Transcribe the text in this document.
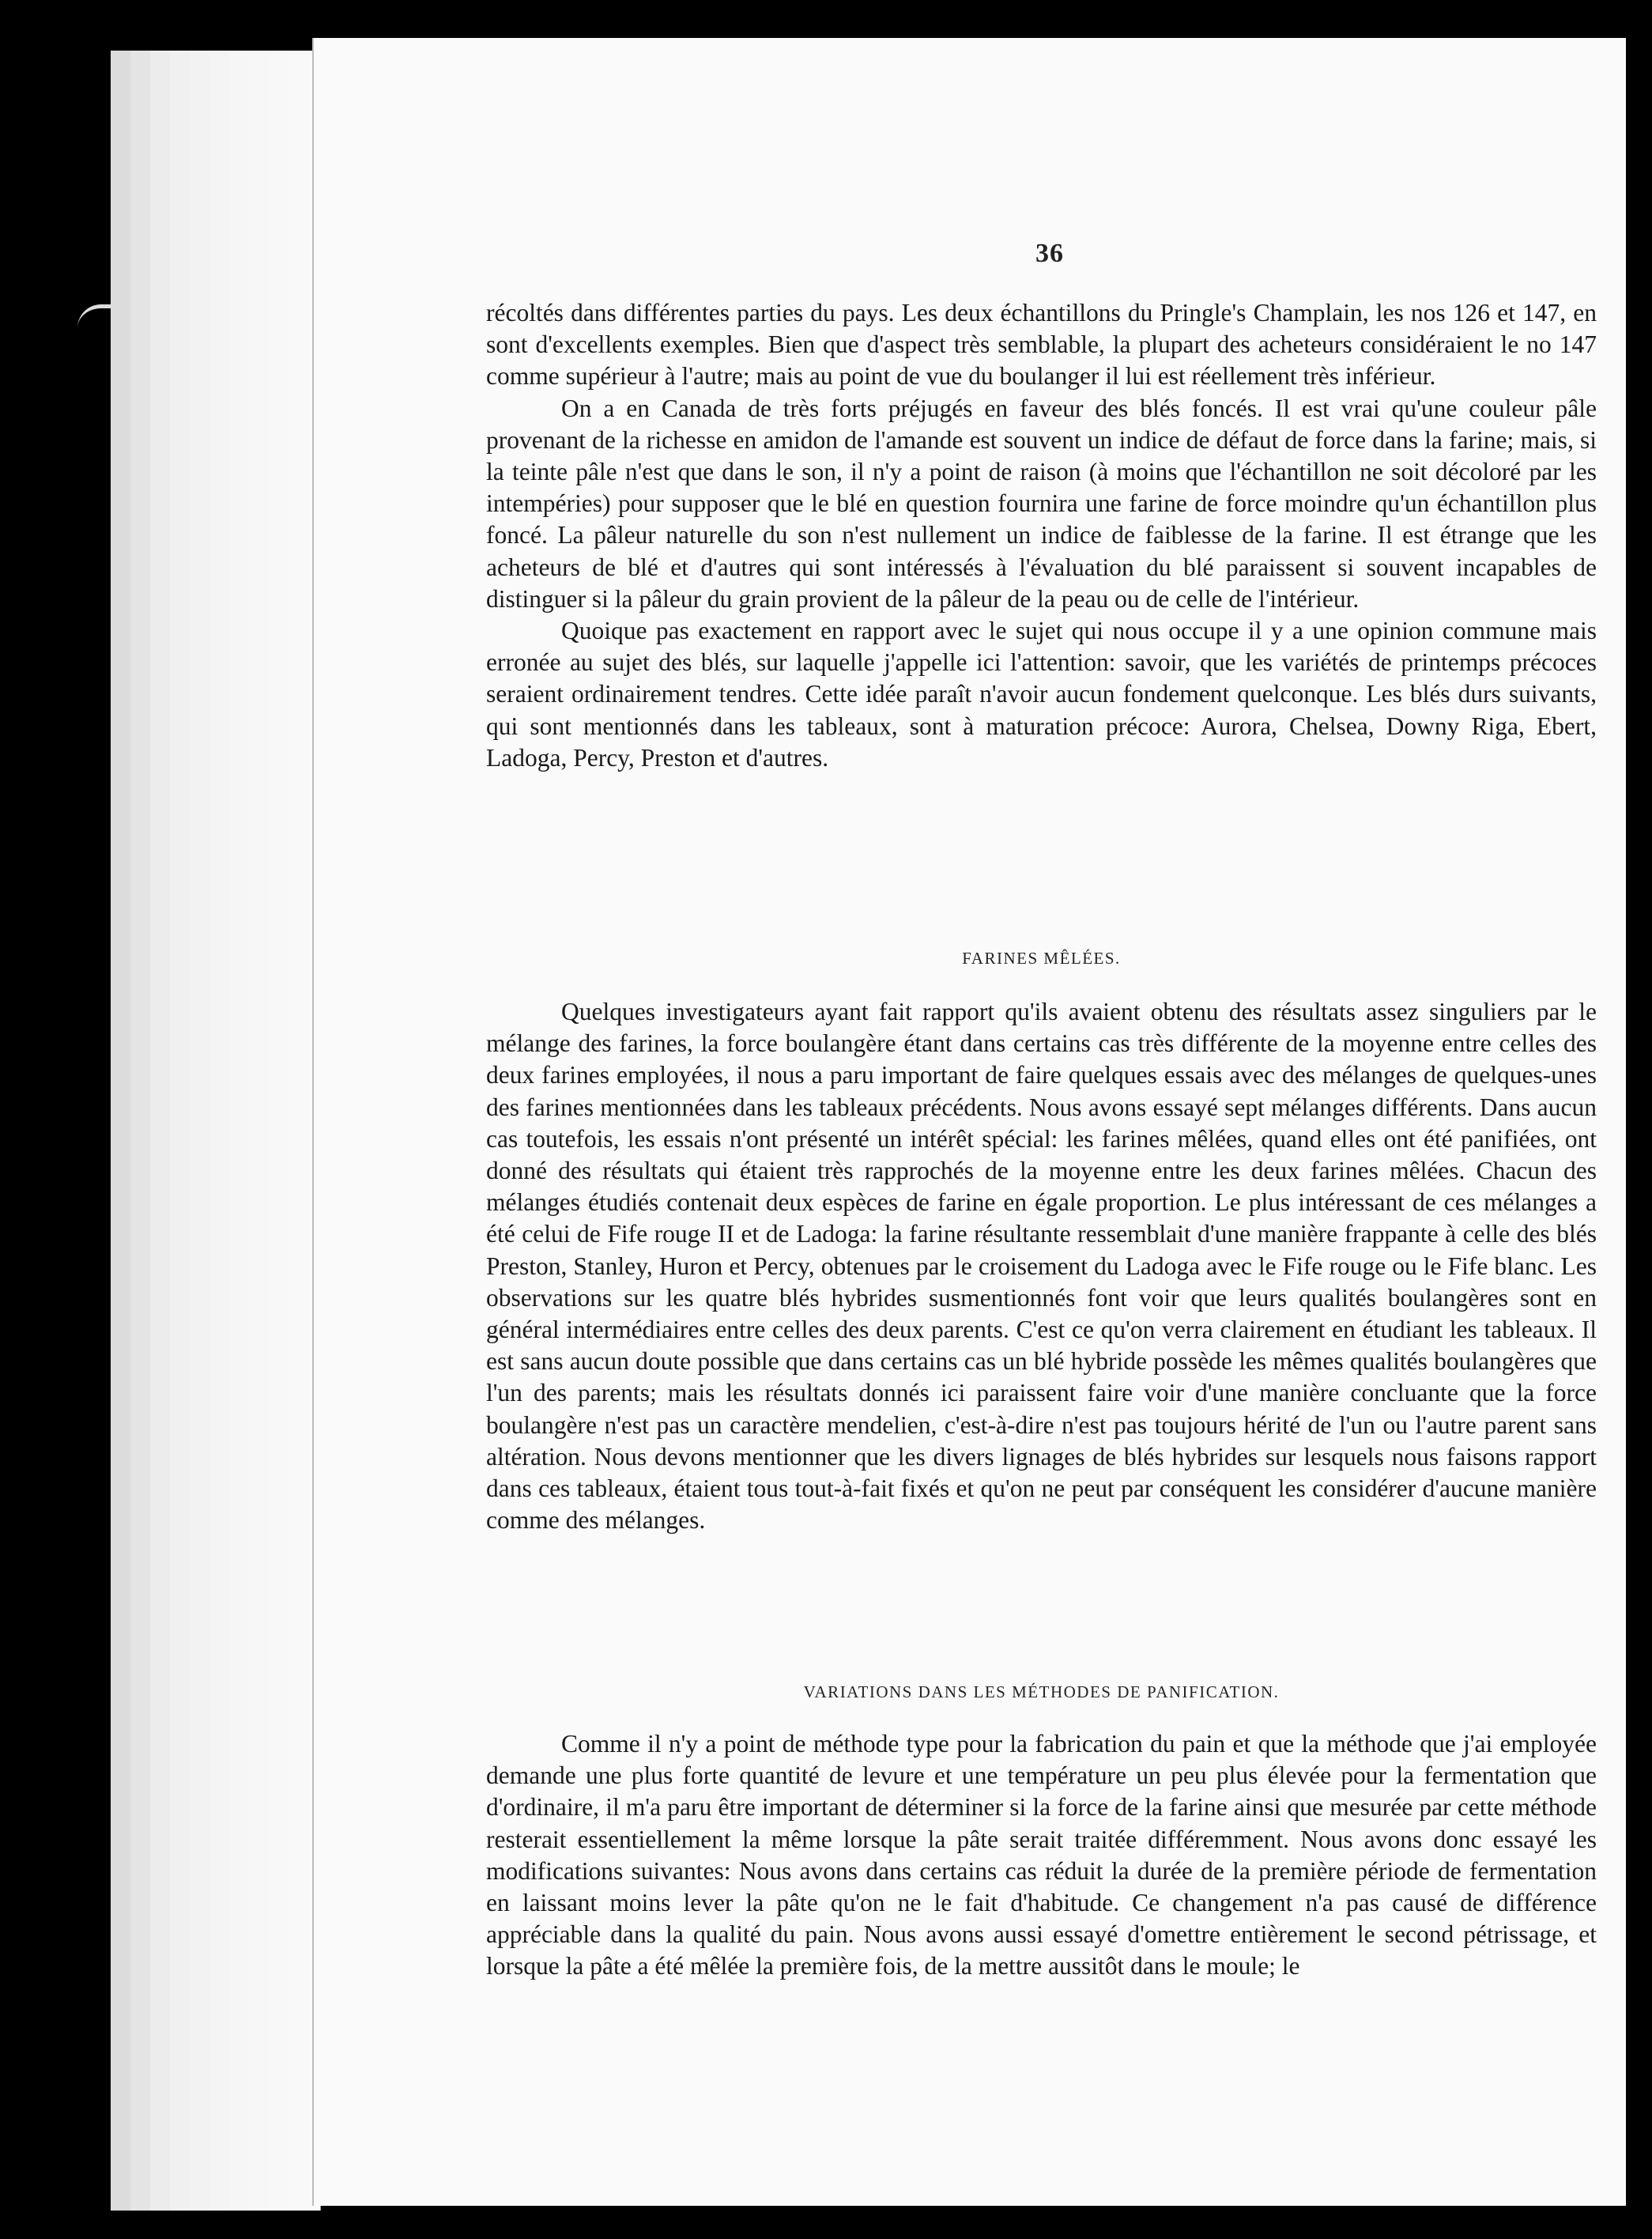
36

récoltés dans différentes parties du pays. Les deux échantillons du Pringle's Champlain, les nos 126 et 147, en sont d'excellents exemples. Bien que d'aspect très semblable, la plupart des acheteurs considéraient le no 147 comme supérieur à l'autre; mais au point de vue du boulanger il lui est réellement très inférieur.

On a en Canada de très forts préjugés en faveur des blés foncés. Il est vrai qu'une couleur pâle provenant de la richesse en amidon de l'amande est souvent un indice de défaut de force dans la farine; mais, si la teinte pâle n'est que dans le son, il n'y a point de raison (à moins que l'échantillon ne soit décoloré par les intempéries) pour supposer que le blé en question fournira une farine de force moindre qu'un échantillon plus foncé. La pâleur naturelle du son n'est nullement un indice de faiblesse de la farine. Il est étrange que les acheteurs de blé et d'autres qui sont intéressés à l'évaluation du blé paraissent si souvent incapables de distinguer si la pâleur du grain provient de la pâleur de la peau ou de celle de l'intérieur.

Quoique pas exactement en rapport avec le sujet qui nous occupe il y a une opinion commune mais erronée au sujet des blés, sur laquelle j'appelle ici l'attention: savoir, que les variétés de printemps précoces seraient ordinairement tendres. Cette idée paraît n'avoir aucun fondement quelconque. Les blés durs suivants, qui sont mentionnés dans les tableaux, sont à maturation précoce: Aurora, Chelsea, Downy Riga, Ebert, Ladoga, Percy, Preston et d'autres.

FARINES MÊLÉES.

Quelques investigateurs ayant fait rapport qu'ils avaient obtenu des résultats assez singuliers par le mélange des farines, la force boulangère étant dans certains cas très différente de la moyenne entre celles des deux farines employées, il nous a paru important de faire quelques essais avec des mélanges de quelques-unes des farines mentionnées dans les tableaux précédents. Nous avons essayé sept mélanges différents. Dans aucun cas toutefois, les essais n'ont présenté un intérêt spécial: les farines mêlées, quand elles ont été panifiées, ont donné des résultats qui étaient très rapprochés de la moyenne entre les deux farines mêlées. Chacun des mélanges étudiés contenait deux espèces de farine en égale proportion. Le plus intéressant de ces mélanges a été celui de Fife rouge II et de Ladoga: la farine résultante ressemblait d'une manière frappante à celle des blés Preston, Stanley, Huron et Percy, obtenues par le croisement du Ladoga avec le Fife rouge ou le Fife blanc. Les observations sur les quatre blés hybrides susmentionnés font voir que leurs qualités boulangères sont en général intermédiaires entre celles des deux parents. C'est ce qu'on verra clairement en étudiant les tableaux. Il est sans aucun doute possible que dans certains cas un blé hybride possède les mêmes qualités boulangères que l'un des parents; mais les résultats donnés ici paraissent faire voir d'une manière concluante que la force boulangère n'est pas un caractère mendelien, c'est-à-dire n'est pas toujours hérité de l'un ou l'autre parent sans altération. Nous devons mentionner que les divers lignages de blés hybrides sur lesquels nous faisons rapport dans ces tableaux, étaient tous tout-à-fait fixés et qu'on ne peut par conséquent les considérer d'aucune manière comme des mélanges.

VARIATIONS DANS LES MÉTHODES DE PANIFICATION.

Comme il n'y a point de méthode type pour la fabrication du pain et que la méthode que j'ai employée demande une plus forte quantité de levure et une température un peu plus élevée pour la fermentation que d'ordinaire, il m'a paru être important de déterminer si la force de la farine ainsi que mesurée par cette méthode resterait essentiellement la même lorsque la pâte serait traitée différemment. Nous avons donc essayé les modifications suivantes: Nous avons dans certains cas réduit la durée de la première période de fermentation en laissant moins lever la pâte qu'on ne le fait d'habitude. Ce changement n'a pas causé de différence appréciable dans la qualité du pain. Nous avons aussi essayé d'omettre entièrement le second pétrissage, et lorsque la pâte a été mêlée la première fois, de la mettre aussitôt dans le moule; le
